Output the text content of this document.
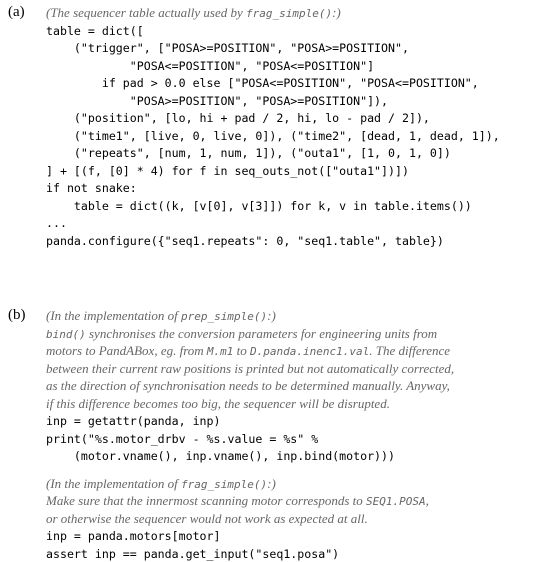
(a) (The sequencer table actually used by frag_simple():)
table = dict([
("trigger", ["POSA>=POSITION", "POSA>=POSITION",
"POSA<=POSITION", "POSA<=POSITION"]
if pad > 0.0 else ["POSA<=POSITION", "POSA<=POSITION",
"POSA>=POSITION", "POSA>=POSITION"]),
("position", [lo, hi + pad / 2, hi, lo - pad / 2]),
("time1", [live, 0, live, 0]), ("time2", [dead, 1, dead, 1]),
("repeats", [num, 1, num, 1]), ("outa1", [1, 0, 1, 0])
] + [(f, [0] * 4) for f in seq_outs_not(["outa1"])])
if not snake:
table = dict((k, [v[0], v[3]]) for k, v in table.items())
...
panda.configure({"seq1.repeats": 0, "seq1.table", table})
(b) (In the implementation of prep_simple():)
bind() synchronises the conversion parameters for engineering units from
motors to PandABox, eg. from M.m1 to D.panda.inenc1.val. The difference
between their current raw positions is printed but not automatically corrected,
as the direction of synchronisation needs to be determined manually. Anyway,
if this difference becomes too big, the sequencer will be disrupted.
inp = getattr(panda, inp)
print("%s.motor_drbv - %s.value = %s" %
(motor.vname(), inp.vname(), inp.bind(motor)))
(In the implementation of frag_simple():)
Make sure that the innermost scanning motor corresponds to SEQ1.POSA,
or otherwise the sequencer would not work as expected at all.
inp = panda.motors[motor]
assert inp == panda.get_input("seq1.posa")
